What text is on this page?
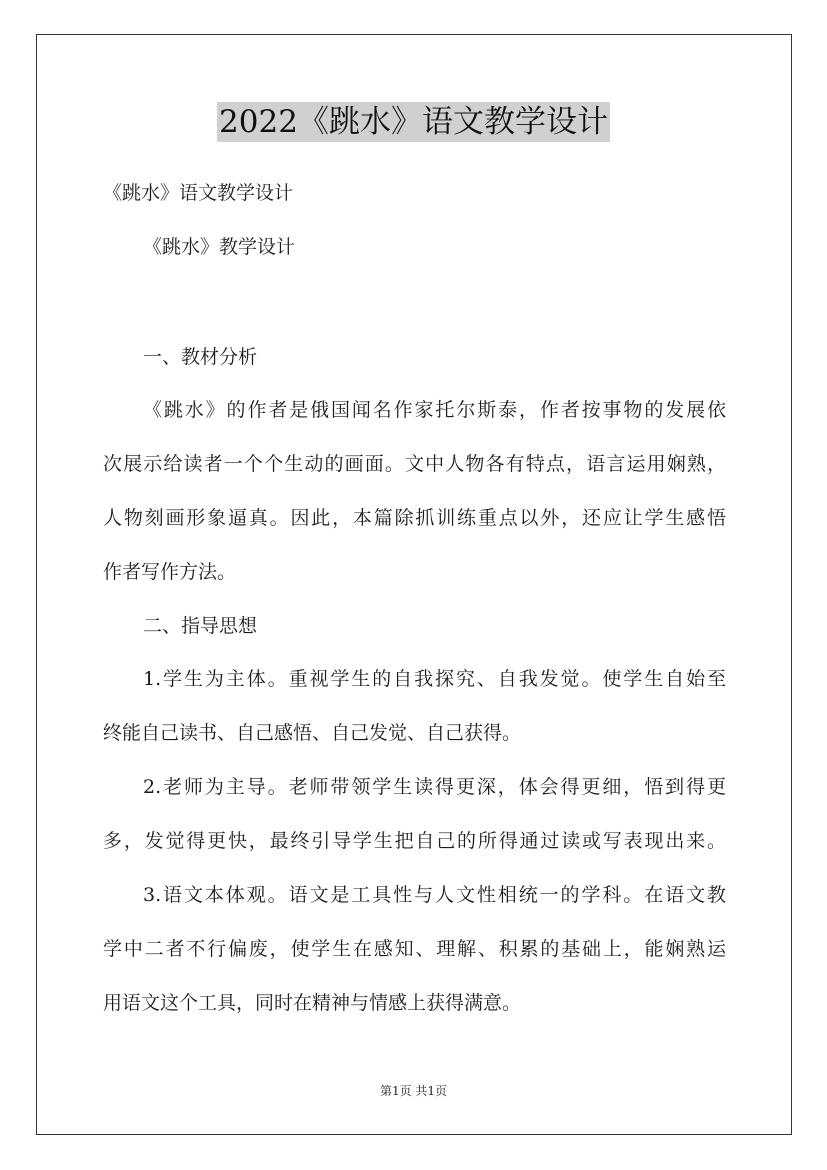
2022《跳水》语文教学设计
《跳水》语文教学设计
《跳水》教学设计
一、教材分析
《跳水》的作者是俄国闻名作家托尔斯泰，作者按事物的发展依
次展示给读者一个个生动的画面。文中人物各有特点，语言运用娴熟，
人物刻画形象逼真。因此，本篇除抓训练重点以外，还应让学生感悟
作者写作方法。
二、指导思想
1.学生为主体。重视学生的自我探究、自我发觉。使学生自始至
终能自己读书、自己感悟、自己发觉、自己获得。
2.老师为主导。老师带领学生读得更深，体会得更细，悟到得更
多，发觉得更快，最终引导学生把自己的所得通过读或写表现出来。
3.语文本体观。语文是工具性与人文性相统一的学科。在语文教
学中二者不行偏废，使学生在感知、理解、积累的基础上，能娴熟运
用语文这个工具，同时在精神与情感上获得满意。
第1页 共1页
